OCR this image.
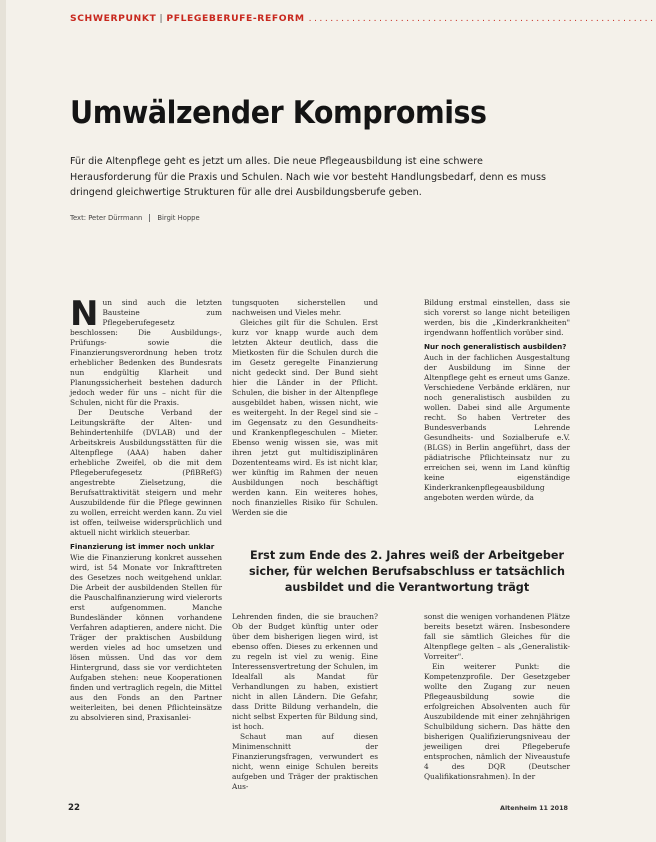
SCHWERPUNKT | PFLEGEBERUFE-REFORM ................................................................
Umwälzender Kompromiss
Für die Altenpflege geht es jetzt um alles. Die neue Pflegeausbildung ist eine schwere Herausforderung für die Praxis und Schulen. Nach wie vor besteht Handlungsbedarf, denn es muss dringend gleichwertige Strukturen für alle drei Ausbildungsberufe geben.
Text: Peter Dürrmann Birgit Hoppe
N un sind auch die letzten Bausteine zum Pflegeberufegesetz beschlossen: Die Ausbildungs-, Prüfungs- sowie die Finanzierungsverordnung heben trotz erheblicher Bedenken des Bundesrats nun endgültig Klarheit und Planungssicherheit bestehen dadurch jedoch weder für uns – nicht für die Schulen, nicht für die Praxis.

Der Deutsche Verband der Leitungskräfte der Alten- und Behindertenhilfe (DVLAB) und der Arbeitskreis Ausbildungsstätten für die Altenpflege (AAA) haben daher erhebliche Zweifel, ob die mit dem Pflegeberufegesetz (PflBRefG) angestrebte Zielsetzung, die Berufsattraktivität steigern und mehr Auszubildende für die Pflege gewinnen zu wollen, erreicht werden kann. Zu viel ist offen, teilweise widersprüchlich und aktuell nicht wirklich steuerbar.

Finanzierung ist immer noch unklar

Wie die Finanzierung konkret aussehen wird, ist 54 Monate vor Inkrafttreten des Gesetzes noch weitgehend unklar. Die Arbeit der ausbildenden Stellen für die Pauschalfinanzierung wird vielerorts erst aufgenommen. Manche Bundesländer können vorhandene Verfahren adaptieren, andere nicht. Die Träger der praktischen Ausbildung werden vieles ad hoc umsetzen und lösen müssen. Und das vor dem Hintergrund, dass sie vor verdichteten Aufgaben stehen: neue Kooperationen finden und vertraglich regeln, die Mittel aus den Fonds an den Partner weiterleiten, bei denen Pflichteinsätze zu absolvieren sind, Praxisanlei-

tungsquoten sicherstellen und nachweisen und Vieles mehr.

Gleiches gilt für die Schulen. Erst kurz vor knapp wurde auch dem letzten Akteur deutlich, dass die Mietkosten für die Schulen durch die im Gesetz geregelte Finanzierung nicht gedeckt sind. Der Bund sieht hier die Länder in der Pflicht. Schulen, die bisher in der Altenpflege ausgebildet haben, wissen nicht, wie es weitergeht. In der Regel sind sie – im Gegensatz zu den Gesundheits- und Krankenpflegeschulen – Mieter. Ebenso wenig wissen sie, was mit ihren jetzt gut multidisziplinären Dozententeams wird. Es ist nicht klar, wer künftig im Rahmen der neuen Ausbildungen noch beschäftigt werden kann. Ein weiteres hohes, noch finanzielles Risiko für Schulen. Werden sie die

Bildung erstmal einstellen, dass sie sich vorerst so lange nicht beteiligen werden, bis die „Kinderkrankheiten" irgendwann hoffentlich vorüber sind.

Nur noch generalistisch ausbilden?

Auch in der fachlichen Ausgestaltung der Ausbildung im Sinne der Altenpflege geht es erneut ums Ganze. Verschiedene Verbände erklären, nur noch generalistisch ausbilden zu wollen. Dabei sind alle Argumente recht. So haben Vertreter des Bundesverbands Lehrende Gesundheits- und Sozialberufe e.V. (BLGS) in Berlin angeführt, dass der pädiatrische Pflichteinsatz nur zu erreichen sei, wenn im Land künftig keine eigenständige Kinderkrankenpflegeausbildung angeboten werden würde, da

Erst zum Ende des 2. Jahres weiß der Arbeitgeber sicher, für welchen Berufsabschluss er tatsächlich ausbildet und die Verantwortung trägt

Lehrenden finden, die sie brauchen? Ob der Budget künftig unter oder über dem bisherigen liegen wird, ist ebenso offen. Dieses zu erkennen und zu regeln ist viel zu wenig. Eine Interessensvertretung der Schulen, im Idealfall als Mandat für Verhandlungen zu haben, existiert nicht in allen Ländern. Die Gefahr, dass Dritte Bildung verhandeln, die nicht selbst Experten für Bildung sind, ist hoch.

Schaut man auf diesen Minimenschnitt der Finanzierungsfragen, verwundert es nicht, wenn einige Schulen bereits aufgeben und Träger der praktischen Aus-

sonst die wenigen vorhandenen Plätze bereits besetzt wären. Insbesondere fall sie sämtlich Gleiches für die Altenpflege gelten – als „Generalistik-Vorreiter".

Ein weiterer Punkt: die Kompetenzprofile. Der Gesetzgeber wollte den Zugang zur neuen Pflegeausbildung sowie die erfolgreichen Absolventen auch für Auszubildende mit einer zehnjährigen Schulbildung sichern. Das hätte den bisherigen Qualifizierungsniveau der jeweiligen drei Pflegeberufe entsprochen, nämlich der Niveaustufe 4 des DQR (Deutscher Qualifikationsrahmen). In der

22	Altenheim 11 2018
